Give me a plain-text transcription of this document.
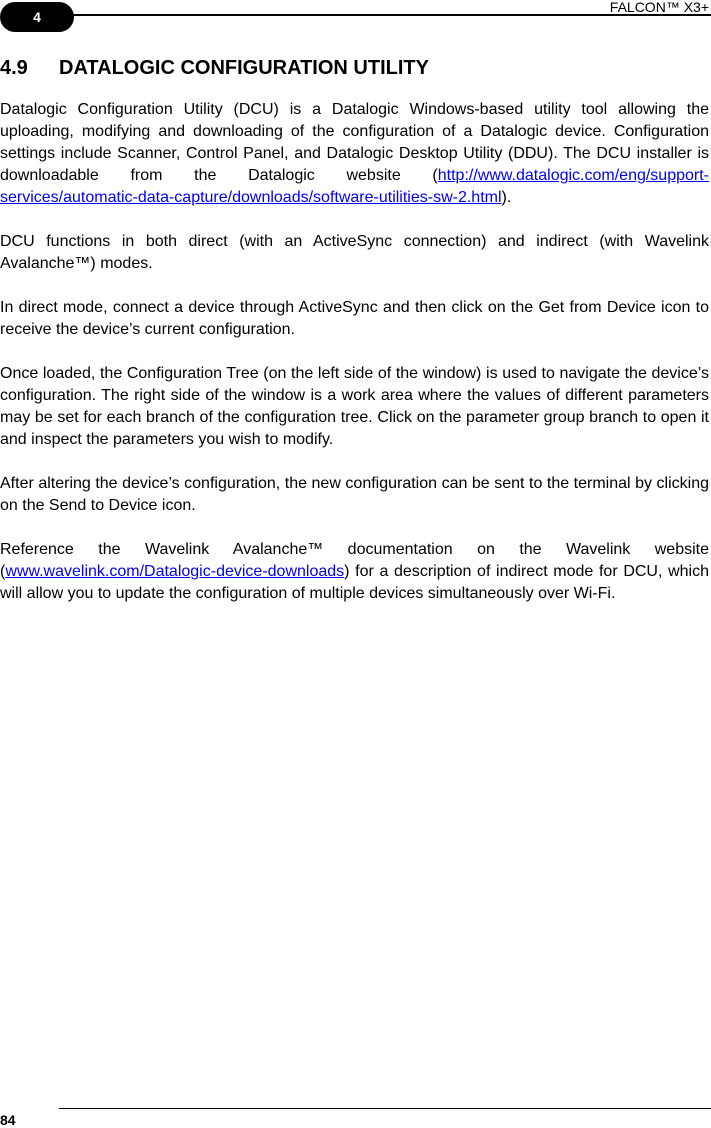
4
FALCON™ X3+
4.9 DATALOGIC CONFIGURATION UTILITY

Datalogic Configuration Utility (DCU) is a Datalogic Windows-based utility tool allowing the uploading, modifying and downloading of the configuration of a Datalogic device. Configuration settings include Scanner, Control Panel, and Datalogic Desktop Utility (DDU). The DCU installer is downloadable from the Datalogic website (http://www.datalogic.com/eng/support-services/automatic-data-capture/downloads/software-utilities-sw-2.html).

DCU functions in both direct (with an ActiveSync connection) and indirect (with Wavelink Avalanche™) modes.

In direct mode, connect a device through ActiveSync and then click on the Get from Device icon to receive the device’s current configuration.

Once loaded, the Configuration Tree (on the left side of the window) is used to navigate the device’s configuration. The right side of the window is a work area where the values of different parameters may be set for each branch of the configuration tree. Click on the parameter group branch to open it and inspect the parameters you wish to modify.

After altering the device’s configuration, the new configuration can be sent to the terminal by clicking on the Send to Device icon.

Reference the Wavelink Avalanche™ documentation on the Wavelink website (www.wavelink.com/Datalogic-device-downloads) for a description of indirect mode for DCU, which will allow you to update the configuration of multiple devices simultaneously over Wi-Fi.

84
